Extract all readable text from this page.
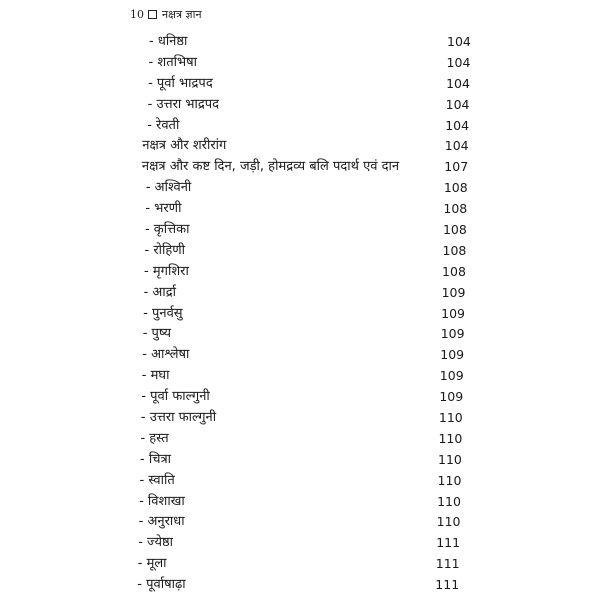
10 नक्षत्र ज्ञान
- धनिष्ठा	104
- शतभिषा	104
- पूर्वा भाद्रपद	104
- उत्तरा भाद्रपद	104
- रेवती	104
नक्षत्र और शरीरांग	104
नक्षत्र और कष्ट दिन, जड़ी, होमद्रव्य बलि पदार्थ एवं दान	107
- अश्विनी	108
- भरणी	108
- कृत्तिका	108
- रोहिणी	108
- मृगशिरा	108
- आर्द्रा	109
- पुनर्वसु	109
- पुष्य	109
- आश्लेषा	109
- मघा	109
- पूर्वा फाल्गुनी	109
- उत्तरा फाल्गुनी	110
- हस्त	110
- चित्रा	110
- स्वाति	110
- विशाखा	110
- अनुराधा	110
- ज्येष्ठा	111
- मूला	111
- पूर्वाषाढ़ा	111
